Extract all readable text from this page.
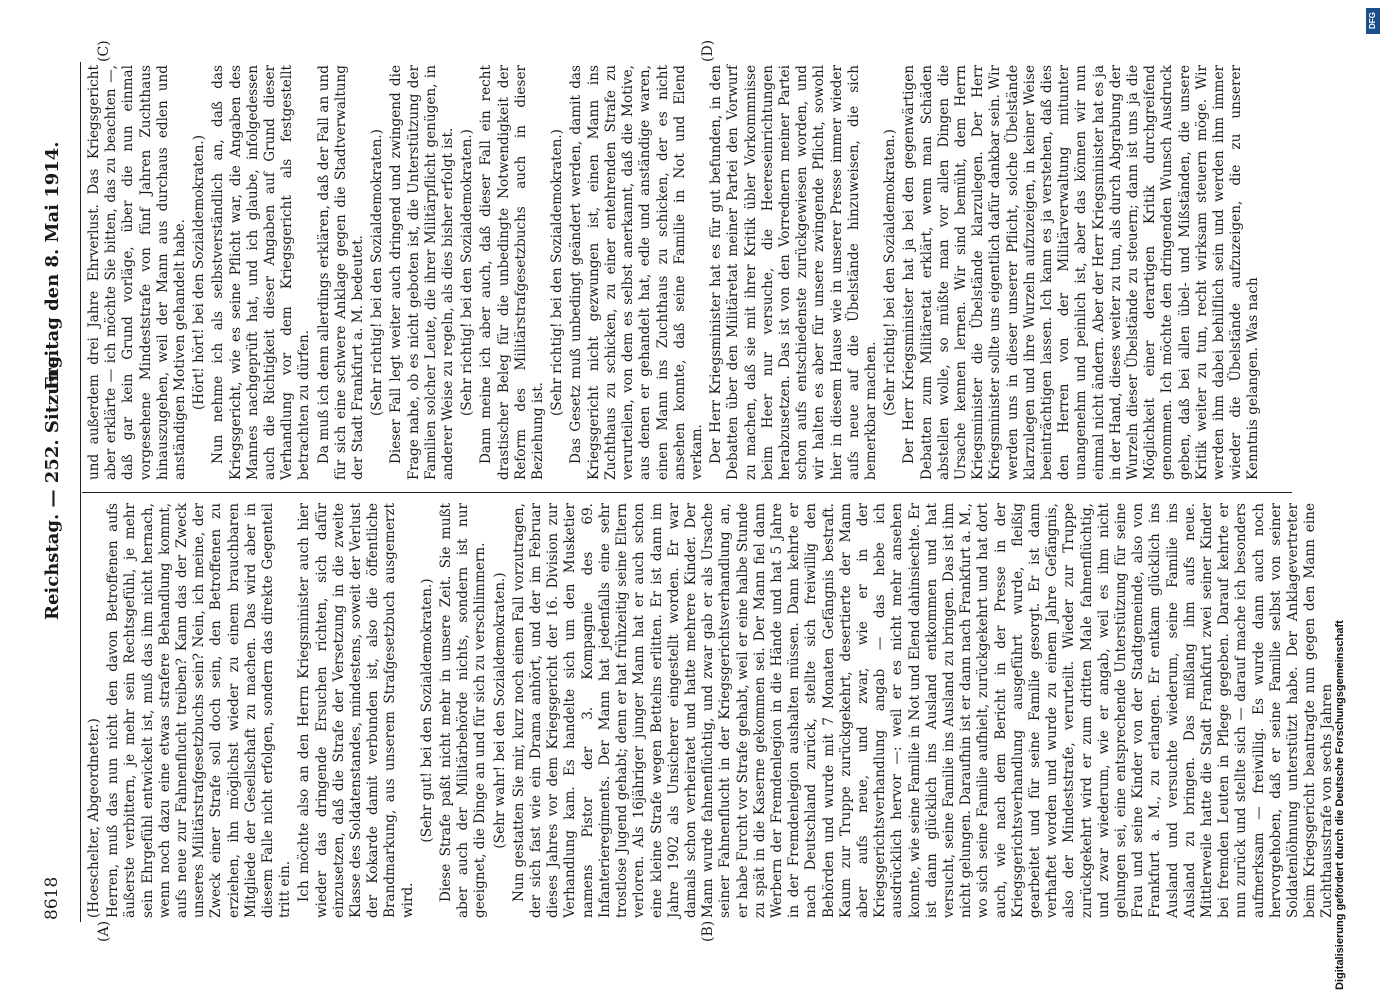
8618
Reichstag. — 252. Sitzung.
Freitag den 8. Mai 1914.
(A)	(B)
(C)	(D)

(Hoeschelter, Abgeordneter.) Herren, muß das nun nicht den davon Betroffenen aufs äußerste verbittern, je mehr sein Rechtsgefühl, je mehr sein Ehrgefühl entwickelt ist, muß das ihm nicht hernach, wenn noch dazu eine etwas strafere Behandlung kommt, aufs neue zur Fahnenflucht treiben? Kann das der Zweck unseres Militärstrafgesetzbuchs sein? Nein, ich meine, der Zweck einer Strafe soll doch sein, den Betroffenen zu erziehen, ihn möglichst wieder zu einem brauchbaren Mitgliede der Gesellschaft zu machen. Das wird aber in diesem Falle nicht erfolgen, sondern das direkte Gegenteil tritt ein. Ich möchte also an den Herrn Kriegsminister auch hier wieder das dringende Ersuchen richten, sich dafür einzusetzen, daß die Strafe der Versetzung in die zweite Klasse des Soldatenstandes, mindestens, soweit der Verlust der Kokarde damit verbunden ist, also die öffentliche Brandmarkung, aus unserem Strafgesetzbuch ausgemerzt wird.

(Sehr gut! bei den Sozialdemokraten.) Diese Strafe paßt nicht mehr in unsere Zeit. Sie mußt aber auch der Militärbehörde nichts, sondern ist nur geeignet, die Dinge an und für sich zu verschlimmern. (Sehr wahr! bei den Sozialdemokraten.) Nun gestatten Sie mir, kurz noch einen Fall vorzutragen, der sich fast wie ein Drama anhört, und der im Februar dieses Jahres vor dem Kriegsgericht der 16. Division zur Verhandlung kam. Es handelte sich um den Musketier namens Pistor der 3. Kompagnie des 69. Infanterieregiments. Der Mann hat jedenfalls eine sehr trostlose Jugend gehabt; denn er hat frühzeitig seine Eltern verloren. Als 16jähriger junger Mann hat er auch schon eine kleine Strafe wegen Bettelns erlitten. Er ist dann im Jahre 1902 als Unsicherer eingestellt worden. Er war damals schon verheiratet und hatte mehrere Kinder. Der Mann wurde fahnenflüchtig, und zwar gab er als Ursache seiner Fahnenflucht in der Kriegsgerichtsverhandlung an, er habe Furcht vor Strafe gehabt, weil er eine halbe Stunde zu spät in die Kaserne gekommen sei. Der Mann fiel dann Werbern der Fremdenlegion in die Hände und hat 5 Jahre in der Fremdenlegion aushalten müssen. Dann kehrte er nach Deutschland zurück, stellte sich freiwillig den Behörden und wurde mit 7 Monaten Gefängnis bestraft. Kaum zur Truppe zurückgekehrt, desertierte der Mann aber aufs neue, und zwar, wie er in der Kriegsgerichtsverhandlung angab — das hebe ich ausdrücklich hervor —: weil er es nicht mehr ansehen konnte, wie seine Familie in Not und Elend dahinsiechte. Er ist dann glücklich ins Ausland entkommen und hat versucht, seine Familie ins Ausland zu bringen. Das ist ihm nicht gelungen. Daraufhin ist er dann nach Frankfurt a. M., wo sich seine Familie aufhielt, zurückgekehrt und hat dort auch, wie nach dem Bericht in der Presse in der Kriegsgerichtsverhandlung ausgeführt wurde, fleißig gearbeitet und für seine Familie gesorgt. Er ist dann verhaftet worden und wurde zu einem Jahre Gefängnis, also der Mindeststrafe, verurteilt. Wieder zur Truppe zurückgekehrt wird er zum dritten Male fahnenflüchtig, und zwar wiederum, wie er angab, weil es ihm nicht gelungen sei, eine entsprechende Unterstützung für seine Frau und seine Kinder von der Stadtgemeinde, also von Frankfurt a. M., zu erlangen. Er entkam glücklich ins Ausland und versuchte wiederum, seine Familie ins Ausland zu bringen. Das mißlang ihm aufs neue. Mittlerweile hatte die Stadt Frankfurt zwei seiner Kinder bei fremden Leuten in Pflege gegeben. Darauf kehrte er nun zurück und stellte sich — darauf mache ich besonders aufmerksam — freiwillig. Es wurde dann auch noch hervorgehoben, daß er seine Familie selbst von seiner Soldatenlöhnung unterstützt habe. Der Anklagevertreter beim Kriegsgericht beantragte nun gegen den Mann eine Zuchthausstrafe von sechs Jahren

und außerdem drei Jahre Ehrverlust. Das Kriegsgericht aber erklärte — ich möchte Sie bitten, das zu beachten —, daß gar kein Grund vorläge, über die nun einmal vorgesehene Mindeststrafe von fünf Jahren Zuchthaus hinauszugehen, weil der Mann aus durchaus edlen und anständigen Motiven gehandelt habe. (Hört! hört! bei den Sozialdemokraten.) Nun nehme ich als selbstverständlich an, daß das Kriegsgericht, wie es seine Pflicht war, die Angaben des Mannes nachgeprüft hat, und ich glaube, infolgedessen auch die Richtigkeit dieser Angaben auf Grund dieser Verhandlung vor dem Kriegsgericht als festgestellt betrachten zu dürfen. Da muß ich denn allerdings erklären, daß der Fall an und für sich eine schwere Anklage gegen die Stadtverwaltung der Stadt Frankfurt a. M. bedeutet. (Sehr richtig! bei den Sozialdemokraten.) Dieser Fall legt weiter auch dringend und zwingend die Frage nahe, ob es nicht geboten ist, die Unterstützung der Familien solcher Leute, die ihrer Militärpflicht genügen, in anderer Weise zu regeln, als dies bisher erfolgt ist. (Sehr richtig! bei den Sozialdemokraten.) Dann meine ich aber auch, daß dieser Fall ein recht drastischer Beleg für die unbedingte Notwendigkeit der Reform des Militärstrafgesetzbuchs auch in dieser Beziehung ist.

(Sehr richtig! bei den Sozialdemokraten.) Das Gesetz muß unbedingt geändert werden, damit das Kriegsgericht nicht gezwungen ist, einen Mann ins Zuchthaus zu schicken, zu einer entehrenden Strafe zu verurteilen, von dem es selbst anerkannt, daß die Motive, aus denen er gehandelt hat, edle und anständige waren, einen Mann ins Zuchthaus zu schicken, der es nicht ansehen konnte, daß seine Familie in Not und Elend verkam. Der Herr Kriegsminister hat es für gut befunden, in den Debatten über den Militäretat meiner Partei den Vorwurf zu machen, daß sie mit ihrer Kritik übler Vorkommnisse beim Heer nur versuche, die Heereseinrichtungen herabzusetzen. Das ist von den Vorrednern meiner Partei schon aufs entschiedenste zurückgewiesen worden, und wir halten es aber für unsere zwingende Pflicht, sowohl hier in diesem Hause wie in unserer Presse immer wieder aufs neue auf die Übelstände hinzuweisen, die sich bemerkbar machen. (Sehr richtig! bei den Sozialdemokraten.) Der Herr Kriegsminister hat ja bei den gegenwärtigen Debatten zum Militäretat erklärt, wenn man Schäden abstellen wolle, so müßte man vor allen Dingen die Ursache kennen lernen. Wir sind bemüht, dem Herrn Kriegsminister die Übelstände klarzulegen. Der Herr Kriegsminister sollte uns eigentlich dafür dankbar sein. Wir werden uns in dieser unserer Pflicht, solche Übelstände klarzulegen und ihre Wurzeln aufzuzeigen, in keiner Weise beeinträchtigen lassen. Ich kann es ja verstehen, daß dies den Herren von der Militärverwaltung mitunter unangenehm und peinlich ist, aber das können wir nun einmal nicht ändern. Aber der Herr Kriegsminister hat es ja in der Hand, dieses weiter zu tun, als durch Abgrabung der Wurzeln dieser Übelstände zu steuern; dann ist uns ja die Möglichkeit einer derartigen Kritik durchgreifend genommen. Ich möchte den dringenden Wunsch Ausdruck geben, daß bei allen übel- und Mißständen, die unsere Kritik weiter zu tun, recht wirksam steuern möge. Wir werden ihm dabei behilflich sein und werden ihm immer wieder die Übelstände aufzuzeigen, die zu unserer Kenntnis gelangen. Was nach

Digitalisierung gefördert durch die Deutsche Forschungsgemeinschaft
DFG
